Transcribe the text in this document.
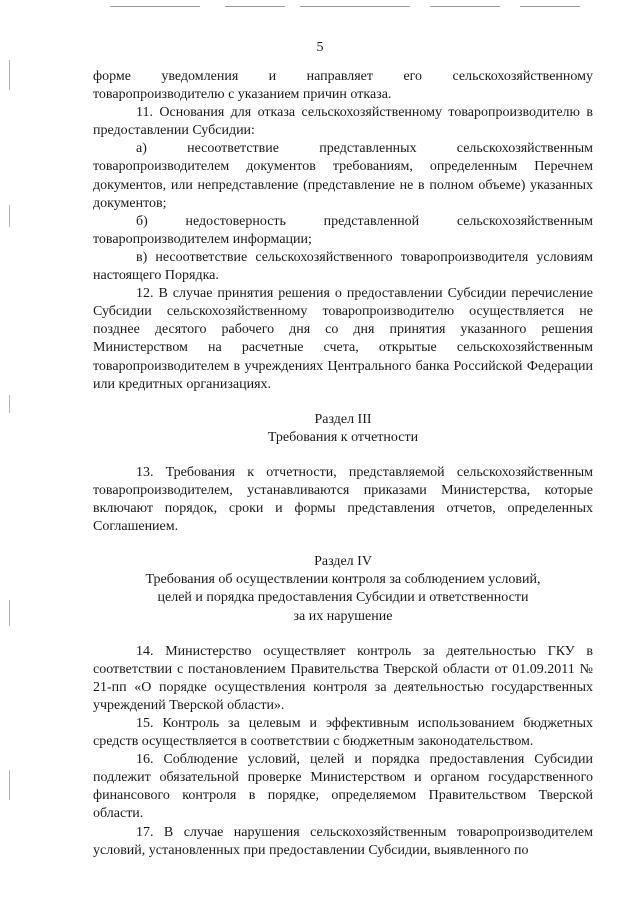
5

форме уведомления и направляет его сельскохозяйственному товаропроизводителю с указанием причин отказа.

11. Основания для отказа сельскохозяйственному товаропроизводителю в предоставлении Субсидии:

а) несоответствие представленных сельскохозяйственным товаропроизводителем документов требованиям, определенным Перечнем документов, или непредставление (представление не в полном объеме) указанных документов;

б) недостоверность представленной сельскохозяйственным товаропроизводителем информации;

в) несоответствие сельскохозяйственного товаропроизводителя условиям настоящего Порядка.

12. В случае принятия решения о предоставлении Субсидии перечисление Субсидии сельскохозяйственному товаропроизводителю осуществляется не позднее десятого рабочего дня со дня принятия указанного решения Министерством на расчетные счета, открытые сельскохозяйственным товаропроизводителем в учреждениях Центрального банка Российской Федерации или кредитных организациях.

Раздел III

Требования к отчетности

13. Требования к отчетности, представляемой сельскохозяйственным товаропроизводителем, устанавливаются приказами Министерства, которые включают порядок, сроки и формы представления отчетов, определенных Соглашением.

Раздел IV

Требования об осуществлении контроля за соблюдением условий,

целей и порядка предоставления Субсидии и ответственности

за их нарушение

14. Министерство осуществляет контроль за деятельностью ГКУ в соответствии с постановлением Правительства Тверской области от 01.09.2011 № 21-пп «О порядке осуществления контроля за деятельностью государственных учреждений Тверской области».

15. Контроль за целевым и эффективным использованием бюджетных средств осуществляется в соответствии с бюджетным законодательством.

16. Соблюдение условий, целей и порядка предоставления Субсидии подлежит обязательной проверке Министерством и органом государственного финансового контроля в порядке, определяемом Правительством Тверской области.

17. В случае нарушения сельскохозяйственным товаропроизводителем условий, установленных при предоставлении Субсидии, выявленного по
